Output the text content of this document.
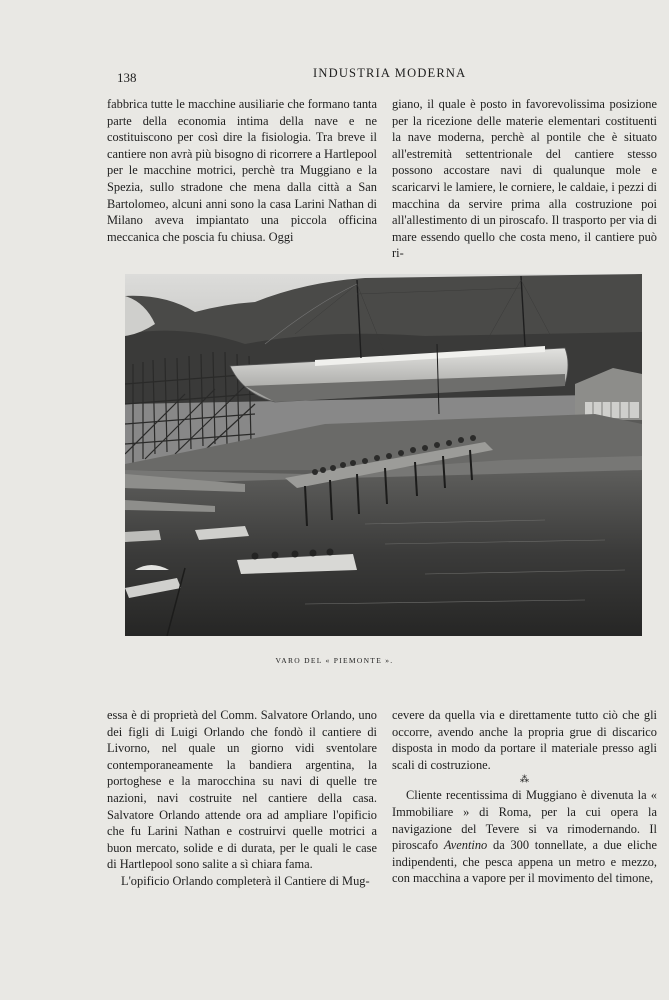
138	INDUSTRIA MODERNA

fabbrica tutte le macchine ausiliarie che formano tanta parte della economia intima della nave e ne costituiscono per così dire la fisiologia. Tra breve il cantiere non avrà più bisogno di ricorrere a Hartlepool per le macchine motrici, perchè tra Muggiano e la Spezia, sullo stradone che mena dalla città a San Bartolomeo, alcuni anni sono la casa Larini Nathan di Milano aveva impiantato una piccola officina meccanica che poscia fu chiusa. Oggi

giano, il quale è posto in favorevolissima posizione per la ricezione delle materie elementari costituenti la nave moderna, perchè al pontile che è situato all'estremità settentrionale del cantiere stesso possono accostare navi di qualunque mole e scaricarvi le lamiere, le corniere, le caldaie, i pezzi di macchina da servire prima alla costruzione poi all'allestimento di un piroscafo. Il trasporto per via di mare essendo quello che costa meno, il cantiere può ri-

VARO DEL « PIEMONTE ».

essa è di proprietà del Comm. Salvatore Orlando, uno dei figli di Luigi Orlando che fondò il cantiere di Livorno, nel quale un giorno vidi sventolare contemporaneamente la bandiera argentina, la portoghese e la marocchina su navi di quelle tre nazioni, navi costruite nel cantiere della casa. Salvatore Orlando attende ora ad ampliare l'opificio che fu Larini Nathan e costruirvi quelle motrici a buon mercato, solide e di durata, per le quali le case di Hartlepool sono salite a sì chiara fama.

L'opificio Orlando completerà il Cantiere di Mug-

cevere da quella via e direttamente tutto ciò che gli occorre, avendo anche la propria grue di discarico disposta in modo da portare il materiale presso agli scali di costruzione.

⁂

Cliente recentissima di Muggiano è divenuta la « Immobiliare » di Roma, per la cui opera la navigazione del Tevere si va rimodernando. Il piroscafo Aventino da 300 tonnellate, a due eliche indipendenti, che pesca appena un metro e mezzo, con macchina a vapore per il movimento del timone,
